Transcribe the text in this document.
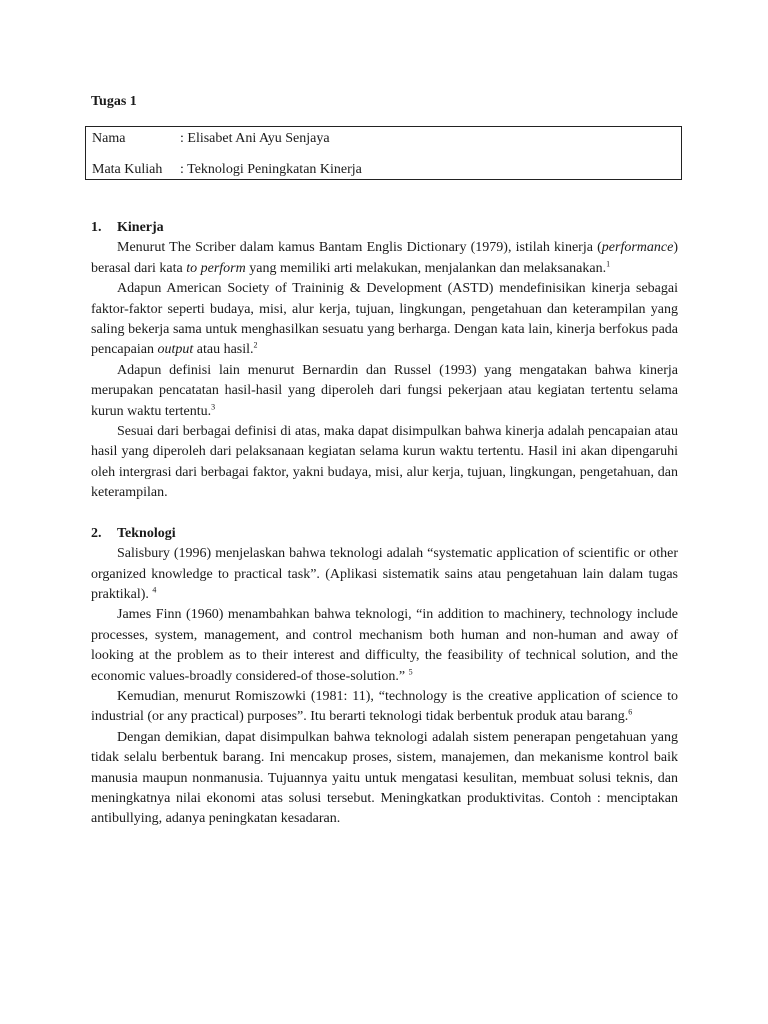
Tugas 1
Nama	: Elisabet Ani Ayu Senjaya
Mata Kuliah : Teknologi Peningkatan Kinerja

1. Kinerja

Menurut The Scriber dalam kamus Bantam Englis Dictionary (1979), istilah kinerja (performance) berasal dari kata to perform yang memiliki arti melakukan, menjalankan dan melaksanakan.$^1$

Adapun American Society of Traininig & Development (ASTD) mendefinisikan kinerja sebagai faktor-faktor seperti budaya, misi, alur kerja, tujuan, lingkungan, pengetahuan dan keterampilan yang saling bekerja sama untuk menghasilkan sesuatu yang berharga. Dengan kata lain, kinerja berfokus pada pencapaian output atau hasil.$^2$

Adapun definisi lain menurut Bernardin dan Russel (1993) yang mengatakan bahwa kinerja merupakan pencatatan hasil-hasil yang diperoleh dari fungsi pekerjaan atau kegiatan tertentu selama kurun waktu tertentu.$^3$

Sesuai dari berbagai definisi di atas, maka dapat disimpulkan bahwa kinerja adalah pencapaian atau hasil yang diperoleh dari pelaksanaan kegiatan selama kurun waktu tertentu. Hasil ini akan dipengaruhi oleh intergrasi dari berbagai faktor, yakni budaya, misi, alur kerja, tujuan, lingkungan, pengetahuan, dan keterampilan.

2. Teknologi

Salisbury (1996) menjelaskan bahwa teknologi adalah “systematic application of scientific or other organized knowledge to practical task”. (Aplikasi sistematik sains atau pengetahuan lain dalam tugas praktikal). $^4$

James Finn (1960) menambahkan bahwa teknologi, “in addition to machinery, technology include processes, system, management, and control mechanism both human and non-human and away of looking at the problem as to their interest and difficulty, the feasibility of technical solution, and the economic values-broadly considered-of those-solution.” $^5$

Kemudian, menurut Romiszowki (1981: 11), “technology is the creative application of science to industrial (or any practical) purposes”. Itu berarti teknologi tidak berbentuk produk atau barang.$^6$

Dengan demikian, dapat disimpulkan bahwa teknologi adalah sistem penerapan pengetahuan yang tidak selalu berbentuk barang. Ini mencakup proses, sistem, manajemen, dan mekanisme kontrol baik manusia maupun nonmanusia. Tujuannya yaitu untuk mengatasi kesulitan, membuat solusi teknis, dan meningkatnya nilai ekonomi atas solusi tersebut. Meningkatkan produktivitas. Contoh : menciptakan antibullying, adanya peningkatan kesadaran.
